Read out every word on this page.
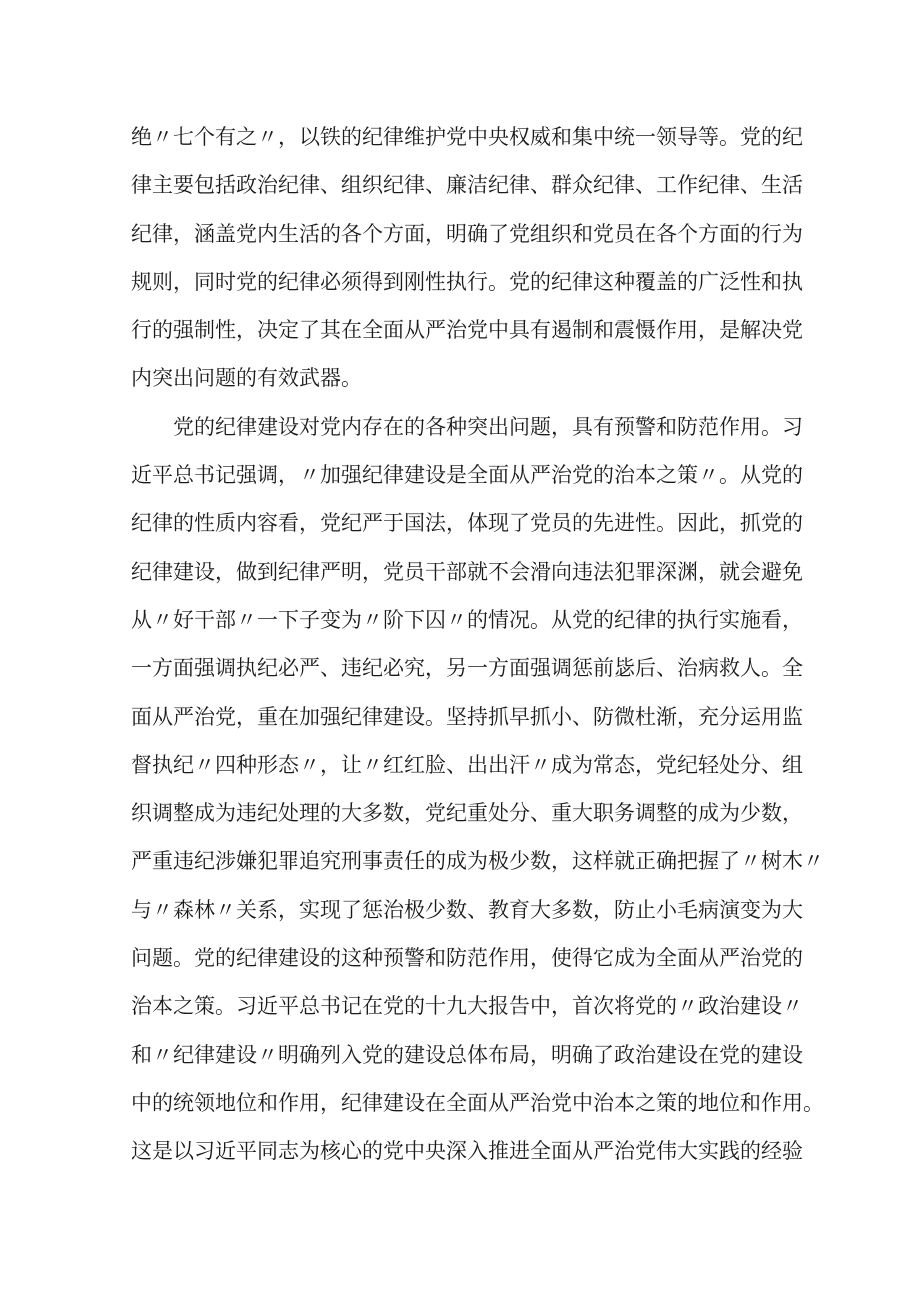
绝〃七个有之〃，以铁的纪律维护党中央权威和集中统一领导等。党的纪
律主要包括政治纪律、组织纪律、廉洁纪律、群众纪律、工作纪律、生活
纪律，涵盖党内生活的各个方面，明确了党组织和党员在各个方面的行为
规则，同时党的纪律必须得到刚性执行。党的纪律这种覆盖的广泛性和执
行的强制性，决定了其在全面从严治党中具有遏制和震慑作用，是解决党
内突出问题的有效武器。
党的纪律建设对党内存在的各种突出问题，具有预警和防范作用。习
近平总书记强调，〃加强纪律建设是全面从严治党的治本之策〃。从党的
纪律的性质内容看，党纪严于国法，体现了党员的先进性。因此，抓党的
纪律建设，做到纪律严明，党员干部就不会滑向违法犯罪深渊，就会避免
从〃好干部〃一下子变为〃阶下囚〃的情况。从党的纪律的执行实施看，
一方面强调执纪必严、违纪必究，另一方面强调惩前毖后、治病救人。全
面从严治党，重在加强纪律建设。坚持抓早抓小、防微杜渐，充分运用监
督执纪〃四种形态〃，让〃红红脸、出出汗〃成为常态，党纪轻处分、组
织调整成为违纪处理的大多数，党纪重处分、重大职务调整的成为少数，
严重违纪涉嫌犯罪追究刑事责任的成为极少数，这样就正确把握了〃树木〃
与〃森林〃关系，实现了惩治极少数、教育大多数，防止小毛病演变为大
问题。党的纪律建设的这种预警和防范作用，使得它成为全面从严治党的
治本之策。习近平总书记在党的十九大报告中，首次将党的〃政治建设〃
和〃纪律建设〃明确列入党的建设总体布局，明确了政治建设在党的建设
中的统领地位和作用，纪律建设在全面从严治党中治本之策的地位和作用。
这是以习近平同志为核心的党中央深入推进全面从严治党伟大实践的经验
